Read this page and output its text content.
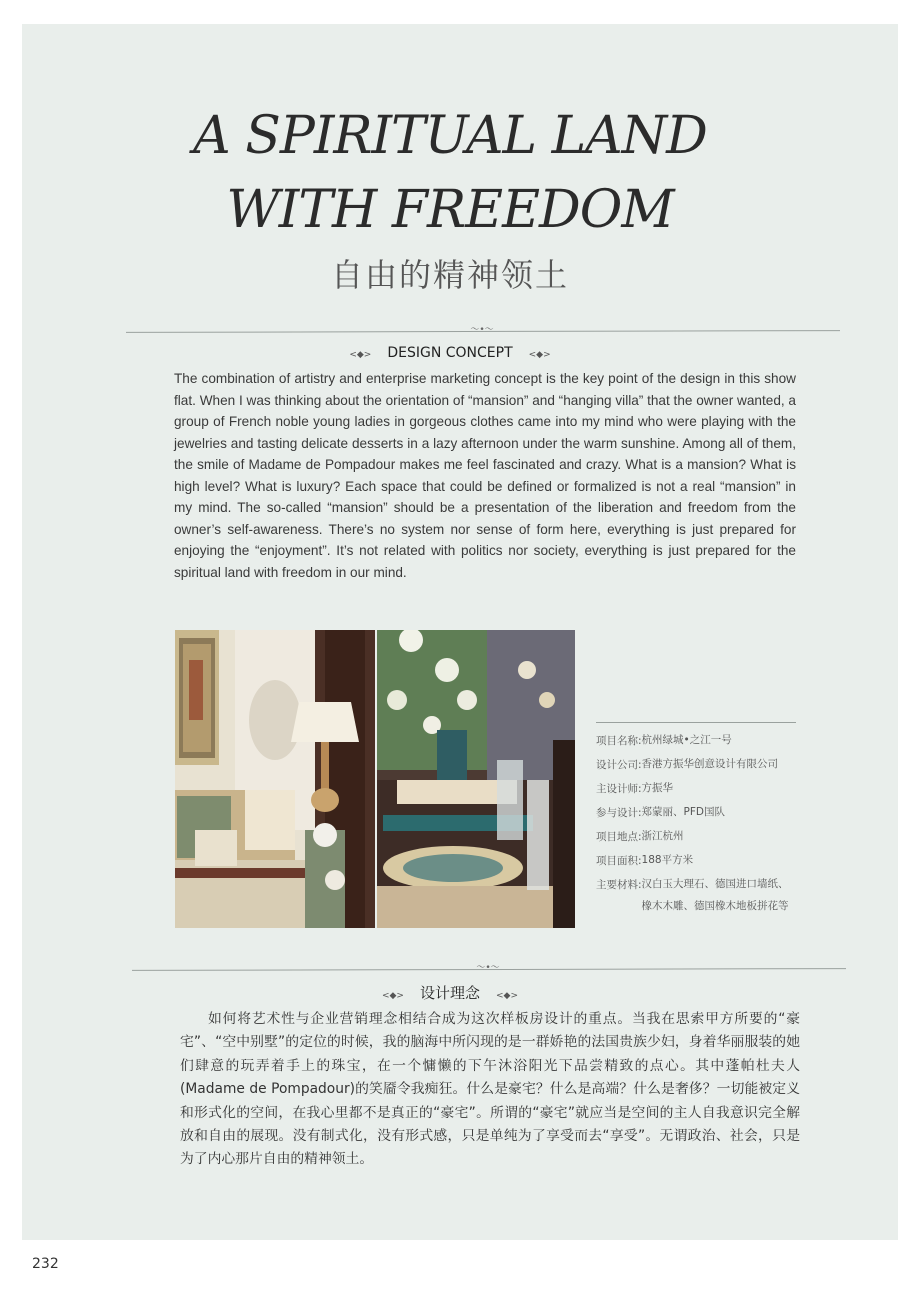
A SPIRITUAL LAND
WITH FREEDOM
自由的精神领土
〜•〜
<◆> DESIGN CONCEPT <◆>

The combination of artistry and enterprise marketing concept is the key point of the design in this show flat. When I was thinking about the orientation of “mansion” and “hanging villa” that the owner wanted, a group of French noble young ladies in gorgeous clothes came into my mind who were playing with the jewelries and tasting delicate desserts in a lazy afternoon under the warm sunshine. Among all of them, the smile of Madame de Pompadour makes me feel fascinated and crazy. What is a mansion? What is high level? What is luxury? Each space that could be defined or formalized is not a real “mansion” in my mind. The so-called “mansion” should be a presentation of the liberation and freedom from the owner’s self-awareness. There’s no system nor sense of form here, everything is just prepared for enjoying the “enjoyment”. It’s not related with politics nor society, everything is just prepared for the spiritual land with freedom in our mind.

项目名称: 杭州绿城•之江一号
设计公司: 香港方振华创意设计有限公司
主设计师: 方振华
参与设计: 郑蒙丽、PFD国队
项目地点: 浙江杭州
项目面积: 188平方米
主要材料: 汉白玉大理石、德国进口墙纸、橡木木雕、德国橡木地板拼花等
〜•〜
<◆> 设计理念 <◆>

如何将艺术性与企业营销理念相结合成为这次样板房设计的重点。当我在思索甲方所要的“豪宅”、“空中别墅”的定位的时候，我的脑海中所闪现的是一群娇艳的法国贵族少妇，身着华丽服装的她们肆意的玩弄着手上的珠宝，在一个慵懒的下午沐浴阳光下品尝精致的点心。其中蓬帕杜夫人(Madame de Pompadour)的笑靥令我痴狂。什么是豪宅？什么是高端？什么是奢侈？一切能被定义和形式化的空间，在我心里都不是真正的“豪宅”。所谓的“豪宅”就应当是空间的主人自我意识完全解放和自由的展现。没有制式化，没有形式感，只是单纯为了享受而去“享受”。无谓政治、社会，只是为了内心那片自由的精神领土。

232
